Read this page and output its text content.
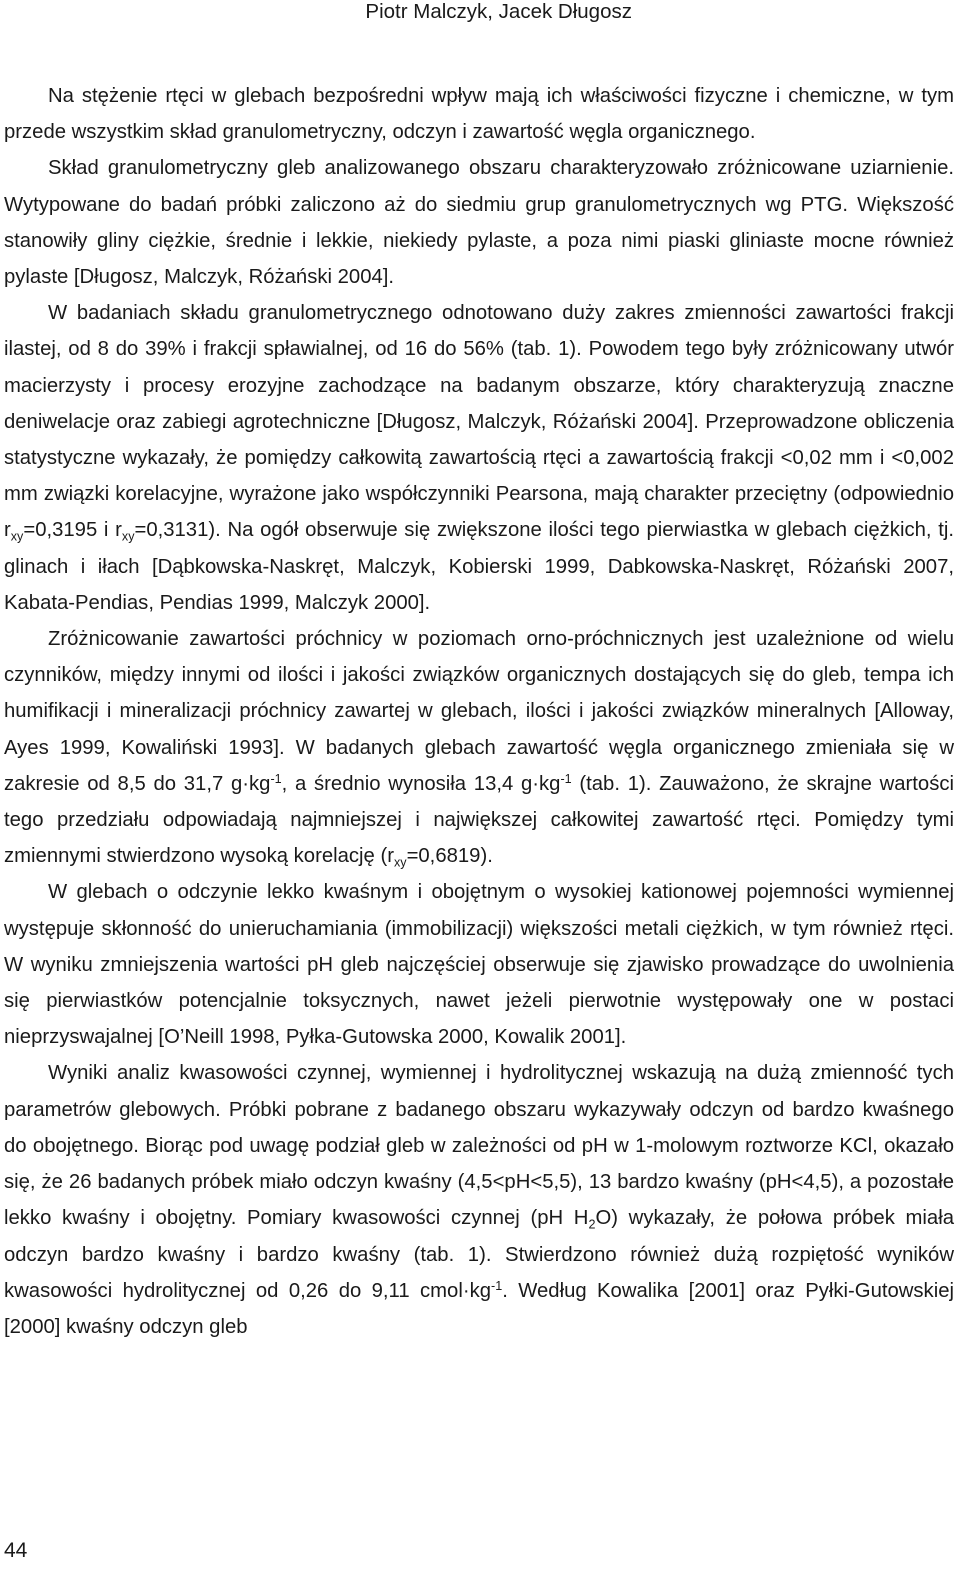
Piotr Malczyk, Jacek Długosz

Na stężenie rtęci w glebach bezpośredni wpływ mają ich właściwości fizyczne i chemiczne, w tym przede wszystkim skład granulometryczny, odczyn i zawartość węgla organicznego.

Skład granulometryczny gleb analizowanego obszaru charakteryzowało zróżnicowane uziarnienie. Wytypowane do badań próbki zaliczono aż do siedmiu grup granulometrycznych wg PTG. Większość stanowiły gliny ciężkie, średnie i lekkie, niekiedy pylaste, a poza nimi piaski gliniaste mocne również pylaste [Długosz, Malczyk, Różański 2004].

W badaniach składu granulometrycznego odnotowano duży zakres zmienności zawartości frakcji ilastej, od 8 do 39% i frakcji spławialnej, od 16 do 56% (tab. 1). Powodem tego były zróżnicowany utwór macierzysty i procesy erozyjne zachodzące na badanym obszarze, który charakteryzują znaczne deniwelacje oraz zabiegi agrotechniczne [Długosz, Malczyk, Różański 2004]. Przeprowadzone obliczenia statystyczne wykazały, że pomiędzy całkowitą zawartością rtęci a zawartością frakcji <0,02 mm i <0,002 mm związki korelacyjne, wyrażone jako współczynniki Pearsona, mają charakter przeciętny (odpowiednio $r_{xy}=0,3195$ i $r_{xy}=0,3131$). Na ogół obserwuje się zwiększone ilości tego pierwiastka w glebach ciężkich, tj. glinach i iłach [Dąbkowska-Naskręt, Malczyk, Kobierski 1999, Dabkowska-Naskręt, Różański 2007, Kabata-Pendias, Pendias 1999, Malczyk 2000].

Zróżnicowanie zawartości próchnicy w poziomach orno-próchnicznych jest uzależnione od wielu czynników, między innymi od ilości i jakości związków organicznych dostających się do gleb, tempa ich humifikacji i mineralizacji próchnicy zawartej w glebach, ilości i jakości związków mineralnych [Alloway, Ayes 1999, Kowaliński 1993]. W badanych glebach zawartość węgla organicznego zmieniała się w zakresie od 8,5 do 31,7 $g\cdot kg^{-1}$, a średnio wynosiła 13,4 $g\cdot kg^{-1}$ (tab. 1). Zauważono, że skrajne wartości tego przedziału odpowiadają najmniejszej i największej całkowitej zawartość rtęci. Pomiędzy tymi zmiennymi stwierdzono wysoką korelację $(r_{xy}=0,6819)$.

W glebach o odczynie lekko kwaśnym i obojętnym o wysokiej kationowej pojemności wymiennej występuje skłonność do unieruchamiania (immobilizacji) większości metali ciężkich, w tym również rtęci. W wyniku zmniejszenia wartości pH gleb najczęściej obserwuje się zjawisko prowadzące do uwolnienia się pierwiastków potencjalnie toksycznych, nawet jeżeli pierwotnie występowały one w postaci nieprzyswajalnej [O’Neill 1998, Pyłka-Gutowska 2000, Kowalik 2001].

Wyniki analiz kwasowości czynnej, wymiennej i hydrolitycznej wskazują na dużą zmienność tych parametrów glebowych. Próbki pobrane z badanego obszaru wykazywały odczyn od bardzo kwaśnego do obojętnego. Biorąc pod uwagę podział gleb w zależności od pH w 1-molowym roztworze KCl, okazało się, że 26 badanych próbek miało odczyn kwaśny (4,5<pH<5,5), 13 bardzo kwaśny (pH<4,5), a pozostałe lekko kwaśny i obojętny. Pomiary kwasowości czynnej (pH $H_2O$) wykazały, że połowa próbek miała odczyn bardzo kwaśny i bardzo kwaśny (tab. 1). Stwierdzono również dużą rozpiętość wyników kwasowości hydrolitycznej od 0,26 do 9,11 $cmol\cdot kg^{-1}$. Według Kowalika [2001] oraz Pyłki-Gutowskiej [2000] kwaśny odczyn gleb

44
